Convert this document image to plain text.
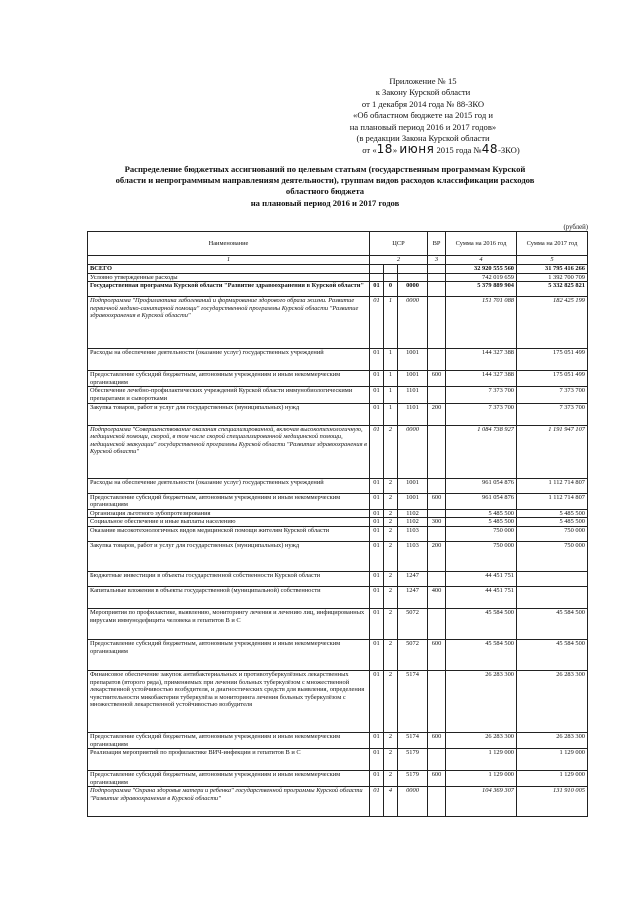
Приложение № 15
к Закону Курской области
от 1 декабря 2014 года № 88-ЗКО
«Об областном бюджете на 2015 год и
на плановый период 2016 и 2017 годов»
(в редакции Закона Курской области
от «18» июня 2015 года №48-ЗКО)
Распределение бюджетных ассигнований по целевым статьям (государственным программам Курской
области и непрограммным направлениям деятельности), группам видов расходов классификации расходов
областного бюджета
на плановый период 2016 и 2017 годов
(рублей)
Наименование	ЦСР			ВР	Сумма на 2016 год	Сумма на 2017 год
1	2			3	4	5
ВСЕГО					32 920 555 560	31 795 416 266
Условно утвержденные расходы					742 019 659	1 392 700 709
Государственная программа Курской области "Развитие здравоохранения в Курской области"	01	0	0000		5 379 889 904	5 332 825 821
Подпрограмма "Профилактика заболеваний и формирование здорового образа жизни. Развитие первичной медико-санитарной помощи" государственной программы Курской области "Развитие здравоохранения в Курской области"	01	1	0000		151 701 088	182 425 199
Расходы на обеспечение деятельности (оказание услуг) государственных учреждений	01	1	1001		144 327 388	175 051 499
Предоставление субсидий бюджетным, автономным учреждениям и иным некоммерческим организациям	01	1	1001	600	144 327 388	175 051 499
Обеспечение лечебно-профилактических учреждений Курской области иммунобиологическими препаратами и сыворотками	01	1	1101		7 373 700	7 373 700
Закупка товаров, работ и услуг для государственных (муниципальных) нужд	01	1	1101	200	7 373 700	7 373 700
Подпрограмма "Совершенствование оказания специализированной, включая высокотехнологичную, медицинской помощи, скорой, в том числе скорой специализированной медицинской помощи, медицинской эвакуации" государственной программы Курской области "Развитие здравоохранения в Курской области"	01	2	0000		1 084 738 927	1 191 947 107
Расходы на обеспечение деятельности (оказание услуг) государственных учреждений	01	2	1001		961 054 876	1 112 714 807
Предоставление субсидий бюджетным, автономным учреждениям и иным некоммерческим организациям	01	2	1001	600	961 054 876	1 112 714 807
Организация льготного зубопротезирования	01	2	1102		5 485 500	5 485 500
Социальное обеспечение и иные выплаты населению	01	2	1102	300	5 485 500	5 485 500
Оказание высокотехнологичных видов медицинской помощи жителям Курской области	01	2	1103		750 000	750 000
Закупка товаров, работ и услуг для государственных (муниципальных) нужд	01	2	1103	200	750 000	750 000
Бюджетные инвестиции в объекты государственной собственности Курской области	01	2	1247		44 451 751	
Капитальные вложения в объекты государственной (муниципальной) собственности	01	2	1247	400	44 451 751	
Мероприятия по профилактике, выявлению, мониторингу лечения и лечению лиц, инфицированных вирусами иммунодефицита человека и гепатитов В и С	01	2	5072		45 584 500	45 584 500
Предоставление субсидий бюджетным, автономным учреждениям и иным некоммерческим организациям	01	2	5072	600	45 584 500	45 584 500
Финансовое обеспечение закупок антибактериальных и противотуберкулёзных лекарственных препаратов (второго ряда), применяемых при лечении больных туберкулёзом с множественной лекарственной устойчивостью возбудителя, и диагностических средств для выявления, определения чувствительности микобактерии туберкулёза и мониторинга лечения больных туберкулёзом с множественной лекарственной устойчивостью возбудителя	01	2	5174		26 283 300	26 283 300
Предоставление субсидий бюджетным, автономным учреждениям и иным некоммерческим организациям	01	2	5174	600	26 283 300	26 283 300
Реализация мероприятий по профилактике ВИЧ-инфекции и гепатитов В и С	01	2	5179		1 129 000	1 129 000
Предоставление субсидий бюджетным, автономным учреждениям и иным некоммерческим организациям	01	2	5179	600	1 129 000	1 129 000
Подпрограмма "Охрана здоровья матери и ребенка" государственной программы Курской области "Развитие здравоохранения в Курской области"	01	4	0000		104 369 307	131 910 005
